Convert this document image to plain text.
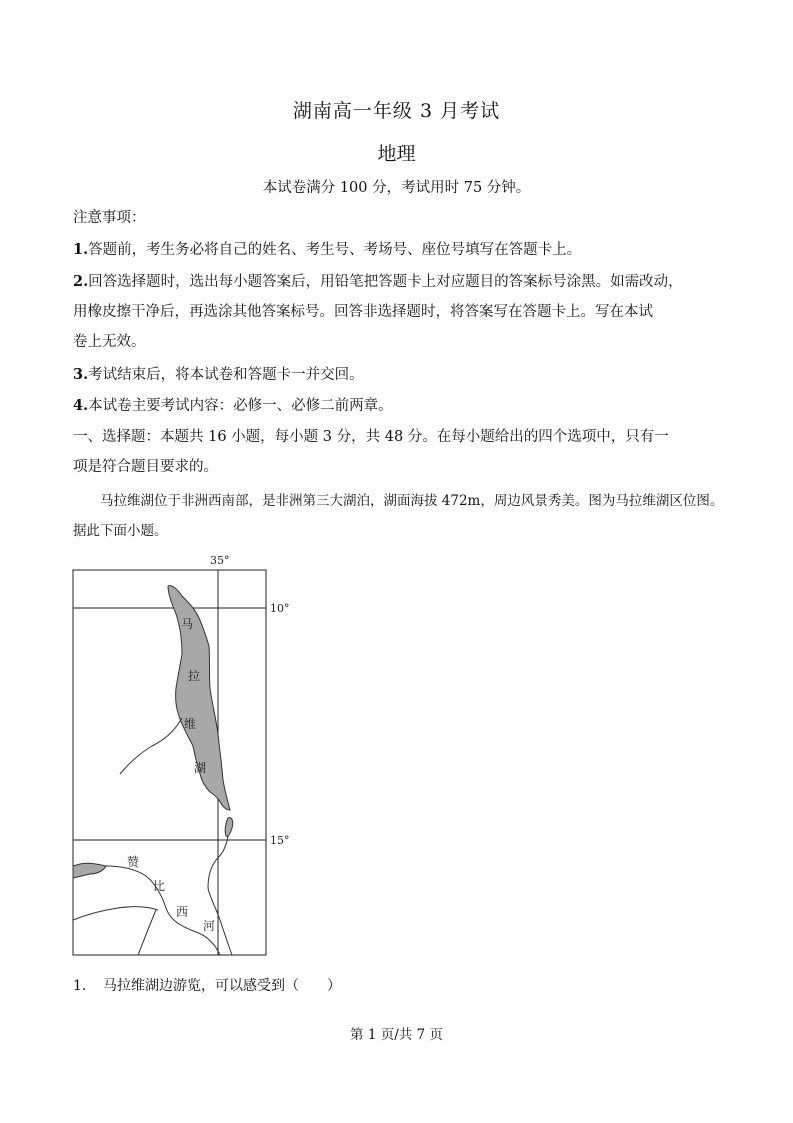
湖南高一年级 3 月考试
地理
本试卷满分 100 分，考试用时 75 分钟。
注意事项：
1.答题前，考生务必将自己的姓名、考生号、考场号、座位号填写在答题卡上。
2.回答选择题时，选出每小题答案后，用铅笔把答题卡上对应题目的答案标号涂黑。如需改动，
用橡皮擦干净后，再选涂其他答案标号。回答非选择题时，将答案写在答题卡上。写在本试
卷上无效。
3.考试结束后，将本试卷和答题卡一并交回。
4.本试卷主要考试内容：必修一、必修二前两章。
一、选择题：本题共 16 小题，每小题 3 分，共 48 分。在每小题给出的四个选项中，只有一
项是符合题目要求的。
马拉维湖位于非洲西南部，是非洲第三大湖泊，湖面海拔 472m，周边风景秀美。图为马拉维湖区位图。
据此下面小题。
35°
10°
15°
马
拉
维
湖
赞
比
西
河
1. 马拉维湖边游览，可以感受到（　　）
第 1 页/共 7 页
